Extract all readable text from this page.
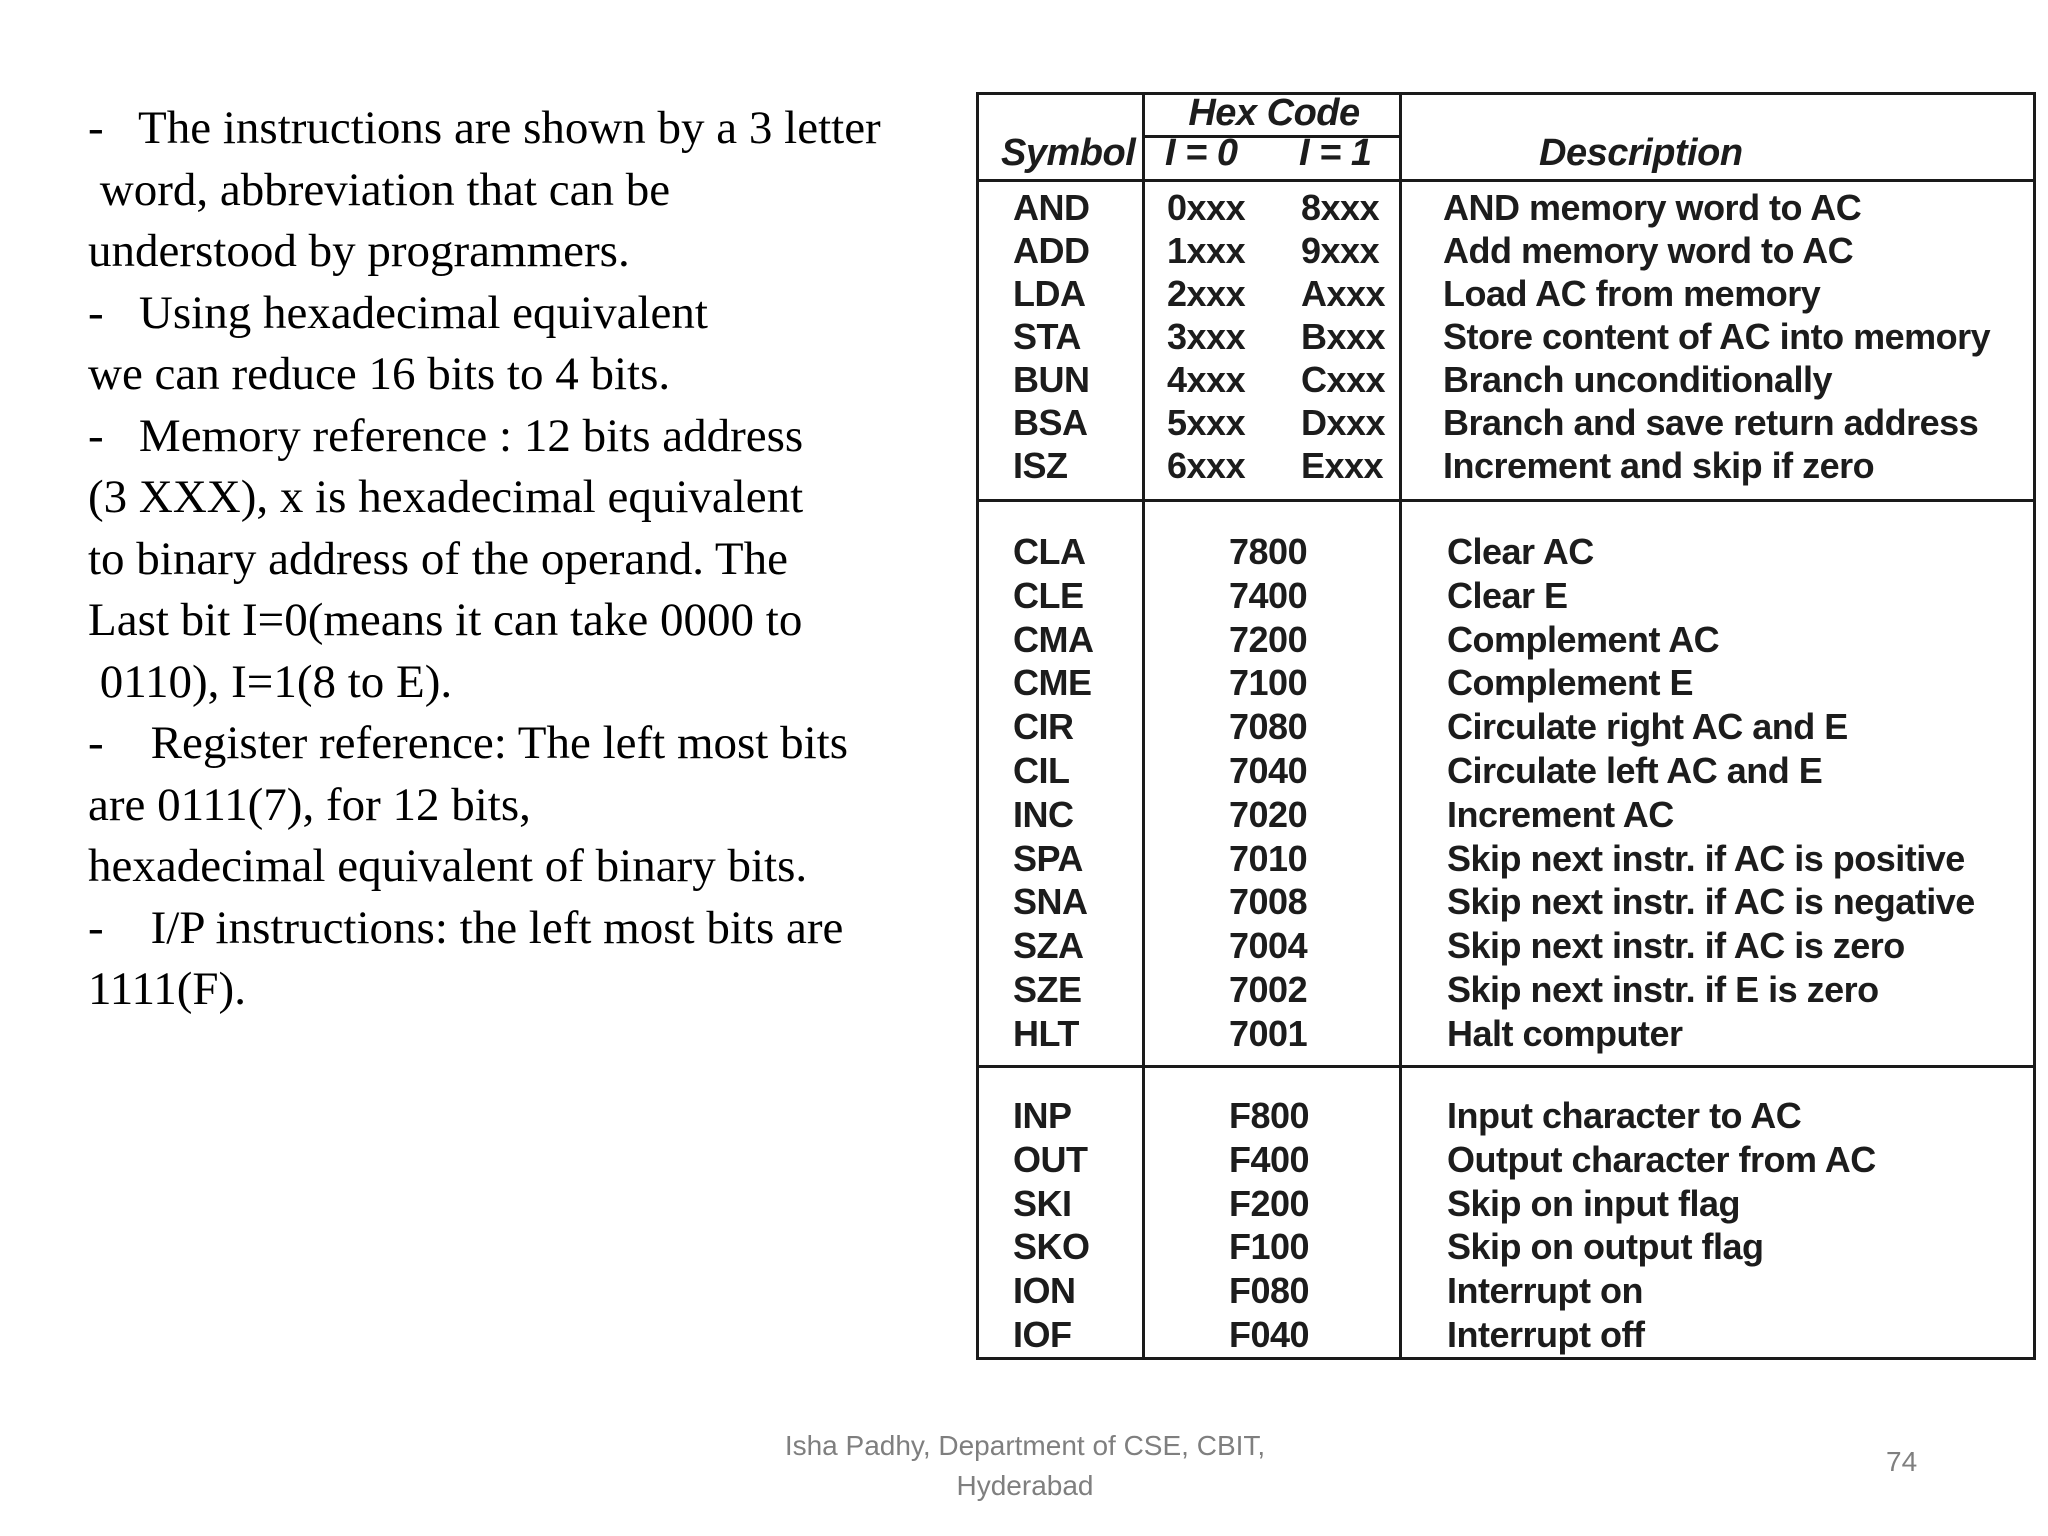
-   The instructions are shown by a 3 letter
word, abbreviation that can be
understood by programmers.
-   Using hexadecimal equivalent
we can reduce 16 bits to 4 bits.
-   Memory reference : 12 bits address
(3 XXX), x is hexadecimal equivalent
to binary address of the operand. The
Last bit I=0(means it can take 0000 to
0110), I=1(8 to E).
-    Register reference: The left most bits
are 0111(7), for 12 bits,
hexadecimal equivalent of binary bits.
-    I/P instructions: the left most bits are
1111(F).
Hex Code
Symbol I = 0 I = 1	Description
AND 0xxx 8xxx AND memory word to AC
ADD 1xxx 9xxx Add memory word to AC
LDA 2xxx Axxx Load AC from memory
STA 3xxx Bxxx Store content of AC into memory
BUN 4xxx Cxxx Branch unconditionally
BSA 5xxx Dxxx Branch and save return address
ISZ	6xxx Exxx Increment and skip if zero
CLA	7800	Clear AC
CLE	7400	Clear E
CMA	7200	Complement AC
CME	7100	Complement E
CIR	7080	Circulate right AC and E
CIL	7040	Circulate left AC and E
INC	7020	Increment AC
SPA	7010	Skip next instr. if AC is positive
SNA	7008	Skip next instr. if AC is negative
SZA	7004	Skip next instr. if AC is zero
SZE	7002	Skip next instr. if E is zero
HLT	7001	Halt computer
INP	F800	Input character to AC
OUT	F400	Output character from AC
SKI	F200	Skip on input flag
SKO	F100	Skip on output flag
ION	F080	Interrupt on
IOF	F040	Interrupt off
Isha Padhy, Department of CSE, CBIT,
Hyderabad
74
